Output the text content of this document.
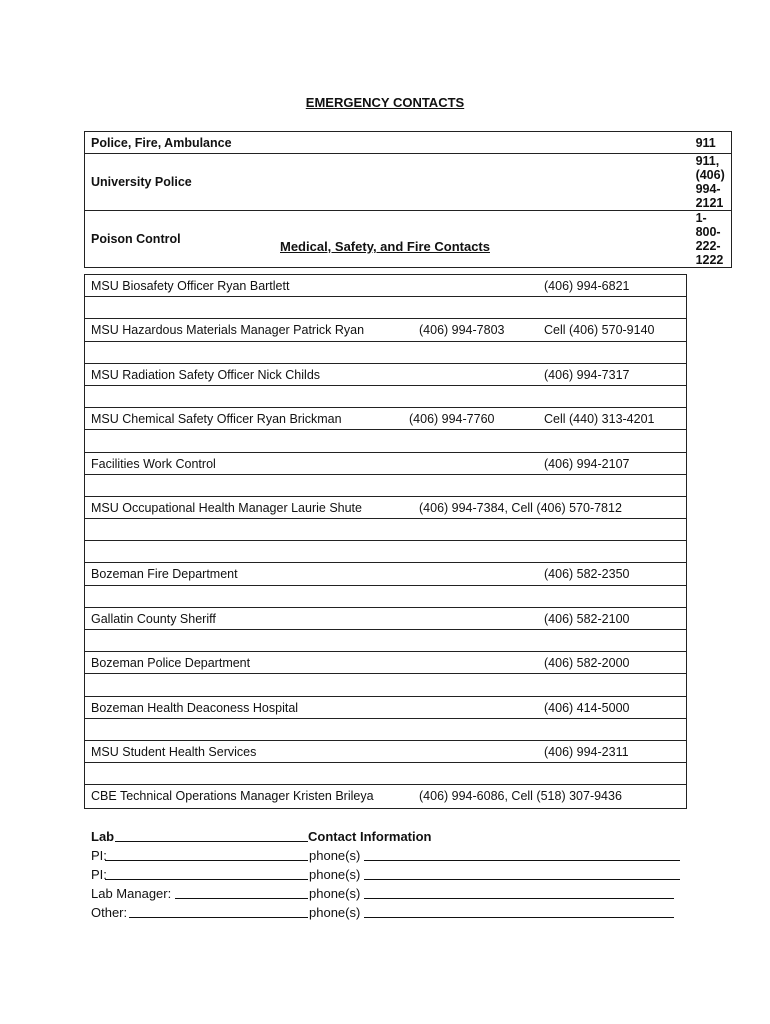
EMERGENCY CONTACTS
Police, Fire, Ambulance	911
University Police	911, (406) 994-2121
Poison Control	1-800-222-1222
Medical, Safety, and Fire Contacts
MSU Biosafety Officer Ryan Bartlett	(406) 994-6821
MSU Hazardous Materials Manager Patrick Ryan	(406) 994-7803	Cell (406) 570-9140
MSU Radiation Safety Officer Nick Childs	(406) 994-7317
MSU Chemical Safety Officer Ryan Brickman	(406) 994-7760	Cell (440) 313-4201
Facilities Work Control	(406) 994-2107
MSU Occupational Health Manager Laurie Shute	(406) 994-7384, Cell (406) 570-7812
Bozeman Fire Department	(406) 582-2350
Gallatin County Sheriff	(406) 582-2100
Bozeman Police Department	(406) 582-2000
Bozeman Health Deaconess Hospital	(406) 414-5000
MSU Student Health Services	(406) 994-2311
CBE Technical Operations Manager Kristen Brileya	(406) 994-6086, Cell (518) 307-9436
Lab	Contact Information
PI:	phone(s)
PI:	phone(s)
Lab Manager:	phone(s)
Other:	phone(s)
